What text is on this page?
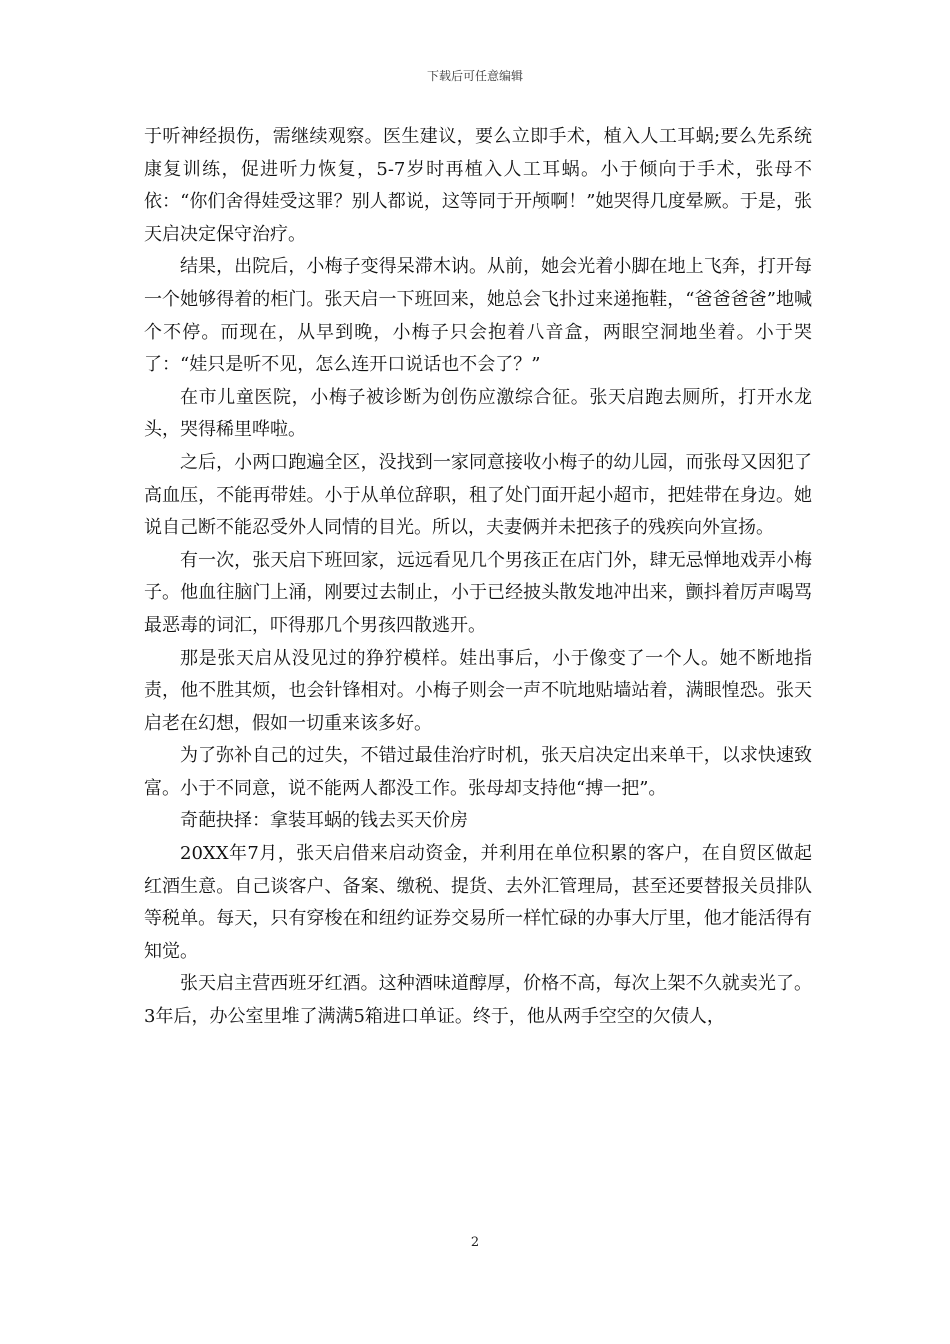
下载后可任意编辑

于听神经损伤，需继续观察。医生建议，要么立即手术，植入人工耳蜗;要么先系统康复训练，促进听力恢复，5-7岁时再植入人工耳蜗。小于倾向于手术，张母不依：“你们舍得娃受这罪？别人都说，这等同于开颅啊！”她哭得几度晕厥。于是，张天启决定保守治疗。

结果，出院后，小梅子变得呆滞木讷。从前，她会光着小脚在地上飞奔，打开每一个她够得着的柜门。张天启一下班回来，她总会飞扑过来递拖鞋，“爸爸爸爸”地喊个不停。而现在，从早到晚，小梅子只会抱着八音盒，两眼空洞地坐着。小于哭了：“娃只是听不见，怎么连开口说话也不会了？”

在市儿童医院，小梅子被诊断为创伤应激综合征。张天启跑去厕所，打开水龙头，哭得稀里哗啦。

之后，小两口跑遍全区，没找到一家同意接收小梅子的幼儿园，而张母又因犯了高血压，不能再带娃。小于从单位辞职，租了处门面开起小超市，把娃带在身边。她说自己断不能忍受外人同情的目光。所以，夫妻俩并未把孩子的残疾向外宣扬。

有一次，张天启下班回家，远远看见几个男孩正在店门外，肆无忌惮地戏弄小梅子。他血往脑门上涌，刚要过去制止，小于已经披头散发地冲出来，颤抖着厉声喝骂最恶毒的词汇，吓得那几个男孩四散逃开。

那是张天启从没见过的狰狞模样。娃出事后，小于像变了一个人。她不断地指责，他不胜其烦，也会针锋相对。小梅子则会一声不吭地贴墙站着，满眼惶恐。张天启老在幻想，假如一切重来该多好。

为了弥补自己的过失，不错过最佳治疗时机，张天启决定出来单干，以求快速致富。小于不同意，说不能两人都没工作。张母却支持他“搏一把”。

奇葩抉择：拿装耳蜗的钱去买天价房

20XX年7月，张天启借来启动资金，并利用在单位积累的客户，在自贸区做起红酒生意。自己谈客户、备案、缴税、提货、去外汇管理局，甚至还要替报关员排队等税单。每天，只有穿梭在和纽约证券交易所一样忙碌的办事大厅里，他才能活得有知觉。

张天启主营西班牙红酒。这种酒味道醇厚，价格不高，每次上架不久就卖光了。3年后，办公室里堆了满满5箱进口单证。终于，他从两手空空的欠债人，

2
